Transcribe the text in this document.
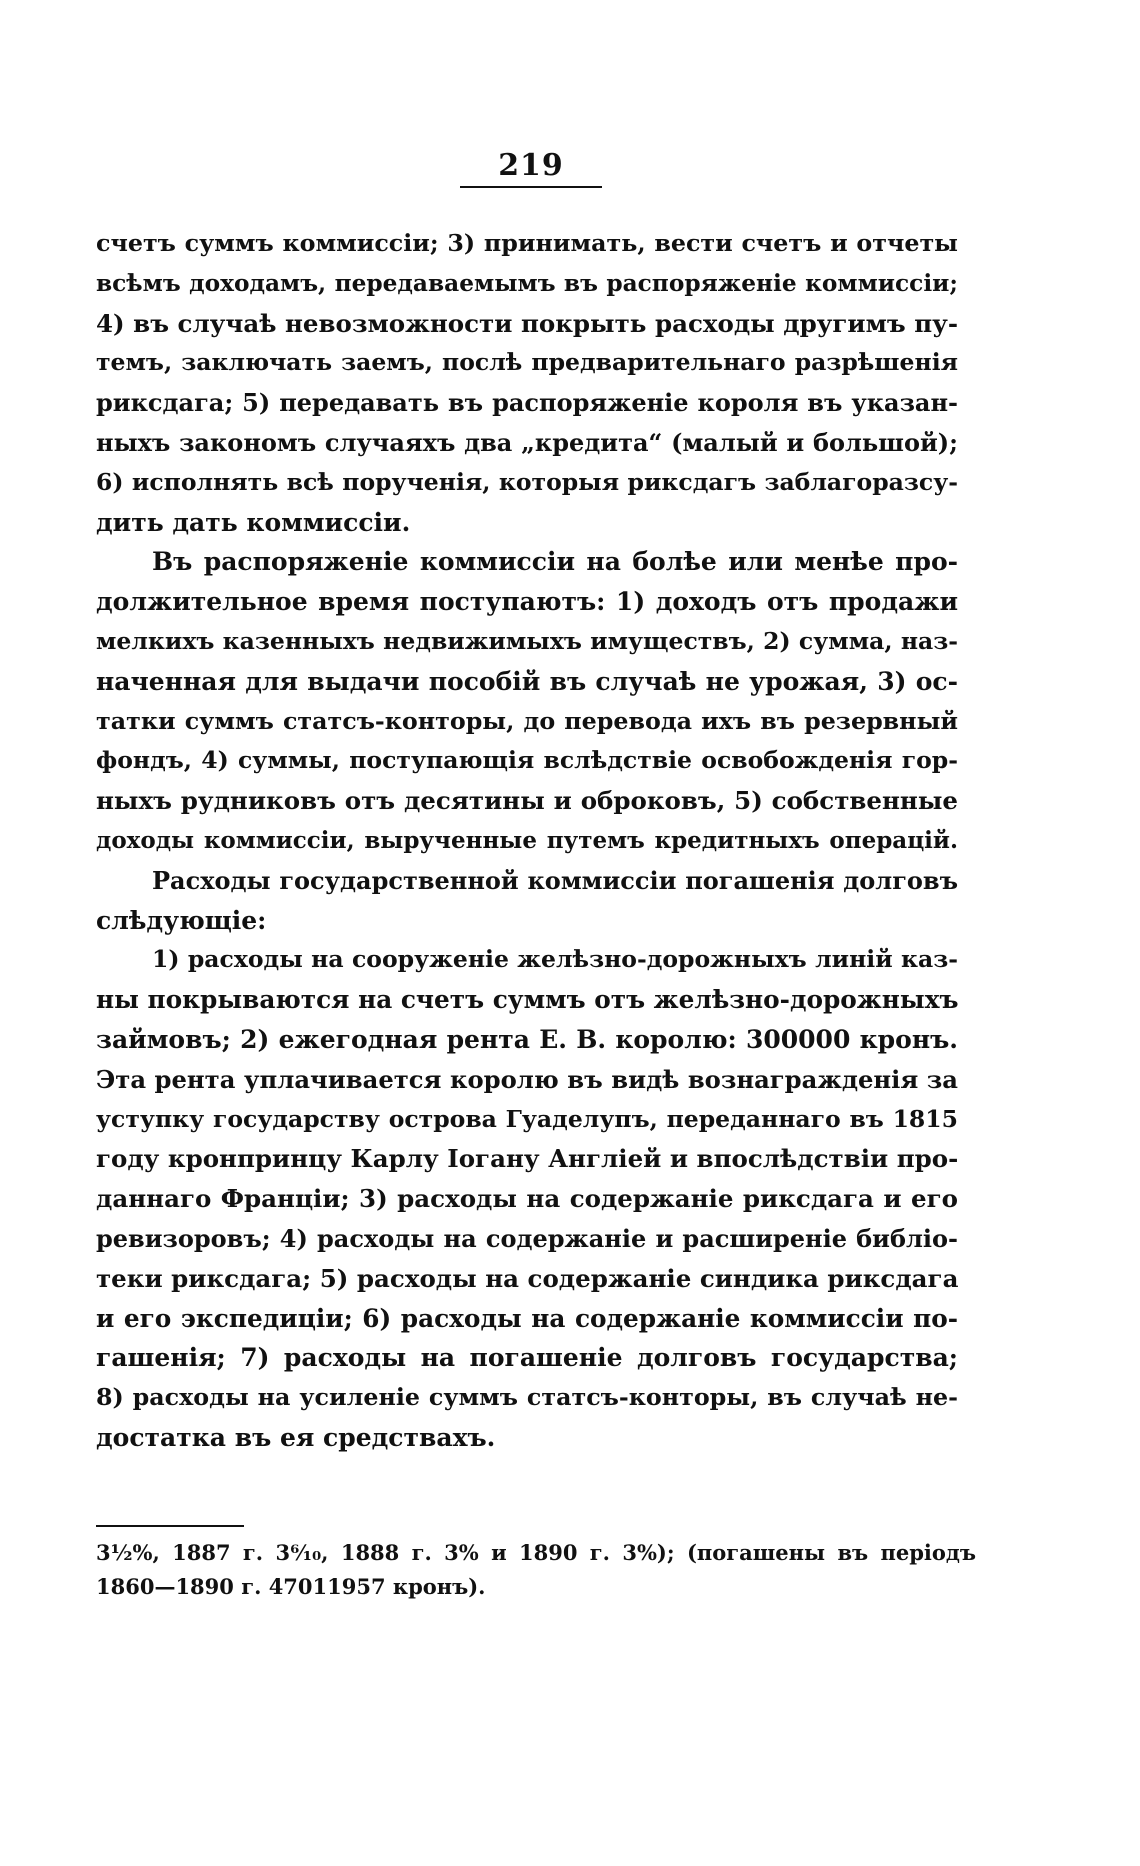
219
счетъ суммъ коммиссіи; 3) принимать, вести счетъ и отчеты
всѣмъ доходамъ, передаваемымъ въ распоряженіе коммиссіи;
4) въ случаѣ невозможности покрыть расходы другимъ пу-
темъ, заключать заемъ, послѣ предварительнаго разрѣшенія
риксдага; 5) передавать въ распоряженіе короля въ указан-
ныхъ закономъ случаяхъ два „кредита“ (малый и большой);
6) исполнять всѣ порученія, которыя риксдагъ заблагоразсу-
дить дать коммиссіи.
Въ распоряженіе коммиссіи на болѣе или менѣе про-
должительное время поступаютъ: 1) доходъ отъ продажи
мелкихъ казенныхъ недвижимыхъ имуществъ, 2) сумма, наз-
наченная для выдачи пособій въ случаѣ не урожая, 3) ос-
татки суммъ статсъ-конторы, до перевода ихъ въ резервный
фондъ, 4) суммы, поступающія вслѣдствіе освобожденія гор-
ныхъ рудниковъ отъ десятины и оброковъ, 5) собственные
доходы коммиссіи, вырученные путемъ кредитныхъ операцій.
Расходы государственной коммиссіи погашенія долговъ
слѣдующіе:
1) расходы на сооруженіе желѣзно-дорожныхъ линій каз-
ны покрываются на счетъ суммъ отъ желѣзно-дорожныхъ
займовъ; 2) ежегодная рента Е. В. королю: 300000 кронъ.
Эта рента уплачивается королю въ видѣ вознагражденія за
уступку государству острова Гуаделупъ, переданнаго въ 1815
году кронпринцу Карлу Іогану Англіей и впослѣдствіи про-
даннаго Франціи; 3) расходы на содержаніе риксдага и его
ревизоровъ; 4) расходы на содержаніе и расширеніе библіо-
теки риксдага; 5) расходы на содержаніе синдика риксдага
и его экспедиціи; 6) расходы на содержаніе коммиссіи по-
гашенія; 7) расходы на погашеніе долговъ государства;
8) расходы на усиленіе суммъ статсъ-конторы, въ случаѣ не-
достатка въ ея средствахъ.
3½%, 1887 г. 3⁶⁄₁₀, 1888 г. 3% и 1890 г. 3%); (погашены въ періодъ
1860—1890 г. 47011957 кронъ).
